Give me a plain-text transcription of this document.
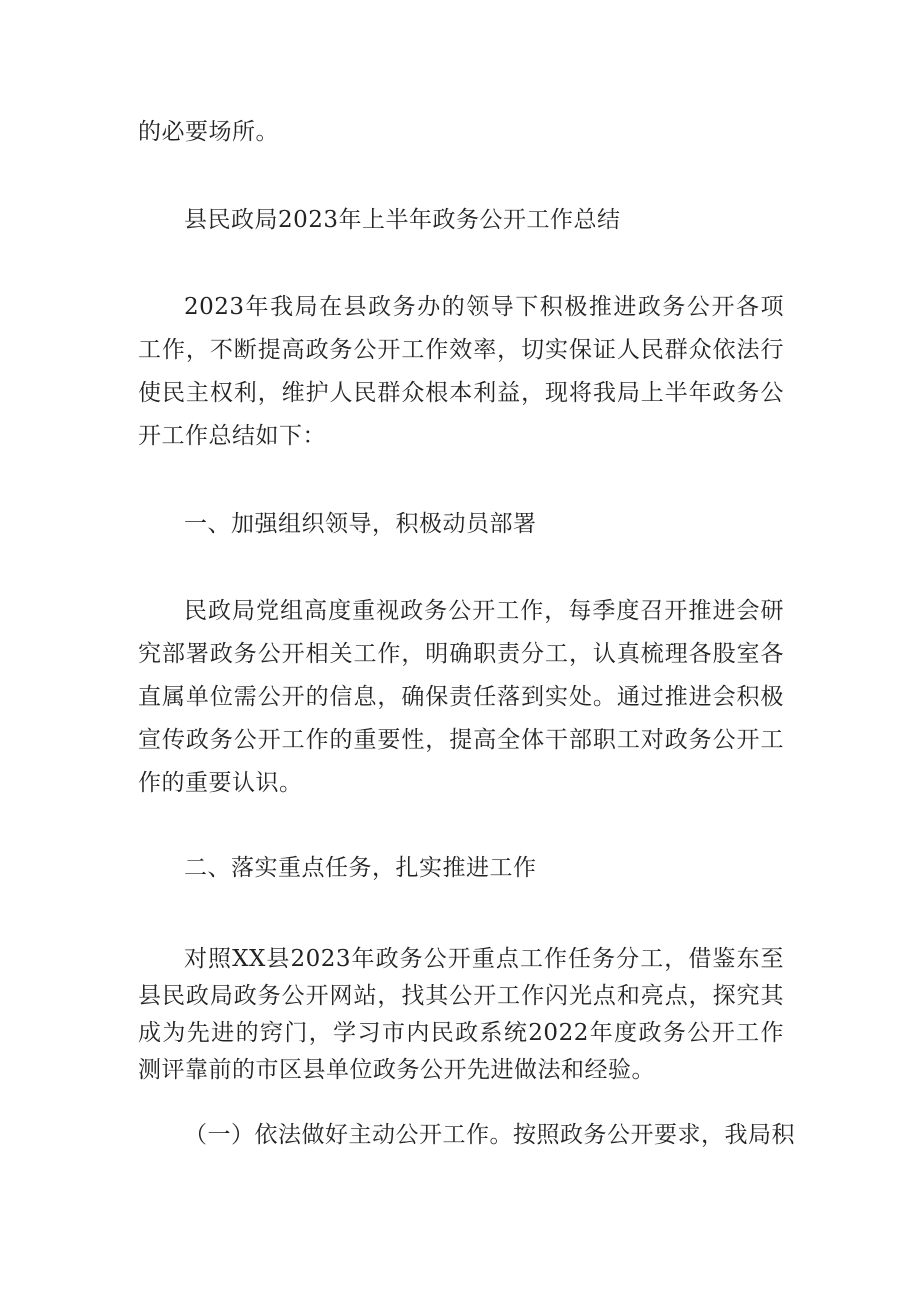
的必要场所。
县民政局2023年上半年政务公开工作总结
2023年我局在县政务办的领导下积极推进政务公开各项工作，不断提高政务公开工作效率，切实保证人民群众依法行使民主权利，维护人民群众根本利益，现将我局上半年政务公开工作总结如下：
一、加强组织领导，积极动员部署
民政局党组高度重视政务公开工作，每季度召开推进会研究部署政务公开相关工作，明确职责分工，认真梳理各股室各直属单位需公开的信息，确保责任落到实处。通过推进会积极宣传政务公开工作的重要性，提高全体干部职工对政务公开工作的重要认识。
二、落实重点任务，扎实推进工作
对照XX县2023年政务公开重点工作任务分工，借鉴东至县民政局政务公开网站，找其公开工作闪光点和亮点，探究其成为先进的窍门，学习市内民政系统2022年度政务公开工作测评靠前的市区县单位政务公开先进做法和经验。
（一）依法做好主动公开工作。按照政务公开要求，我局积
